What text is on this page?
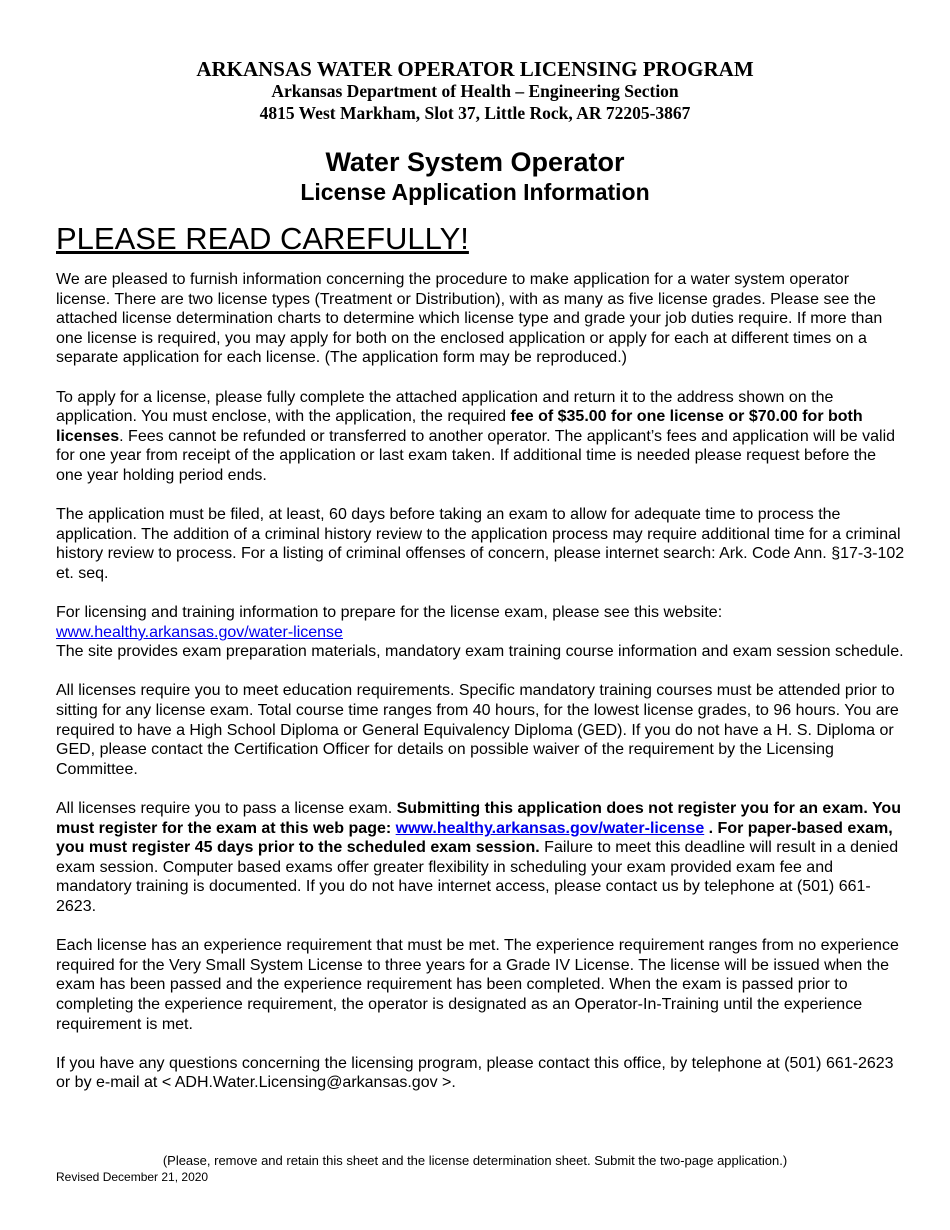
ARKANSAS WATER OPERATOR LICENSING PROGRAM
Arkansas Department of Health – Engineering Section
4815 West Markham, Slot 37, Little Rock, AR 72205-3867
Water System Operator
License Application Information
PLEASE READ CAREFULLY!

We are pleased to furnish information concerning the procedure to make application for a water system operator license. There are two license types (Treatment or Distribution), with as many as five license grades. Please see the attached license determination charts to determine which license type and grade your job duties require. If more than one license is required, you may apply for both on the enclosed application or apply for each at different times on a separate application for each license. (The application form may be reproduced.)

To apply for a license, please fully complete the attached application and return it to the address shown on the application. You must enclose, with the application, the required fee of $35.00 for one license or $70.00 for both licenses. Fees cannot be refunded or transferred to another operator. The applicant’s fees and application will be valid for one year from receipt of the application or last exam taken. If additional time is needed please request before the one year holding period ends.

The application must be filed, at least, 60 days before taking an exam to allow for adequate time to process the application. The addition of a criminal history review to the application process may require additional time for a criminal history review to process. For a listing of criminal offenses of concern, please internet search: Ark. Code Ann. §17-3-102 et. seq.

For licensing and training information to prepare for the license exam, please see this website:
www.healthy.arkansas.gov/water-license
The site provides exam preparation materials, mandatory exam training course information and exam session schedule.

All licenses require you to meet education requirements. Specific mandatory training courses must be attended prior to sitting for any license exam. Total course time ranges from 40 hours, for the lowest license grades, to 96 hours. You are required to have a High School Diploma or General Equivalency Diploma (GED). If you do not have a H. S. Diploma or GED, please contact the Certification Officer for details on possible waiver of the requirement by the Licensing Committee.

All licenses require you to pass a license exam. Submitting this application does not register you for an exam. You must register for the exam at this web page: www.healthy.arkansas.gov/water-license . For paper-based exam, you must register 45 days prior to the scheduled exam session. Failure to meet this deadline will result in a denied exam session. Computer based exams offer greater flexibility in scheduling your exam provided exam fee and mandatory training is documented. If you do not have internet access, please contact us by telephone at (501) 661-2623.

Each license has an experience requirement that must be met. The experience requirement ranges from no experience required for the Very Small System License to three years for a Grade IV License. The license will be issued when the exam has been passed and the experience requirement has been completed. When the exam is passed prior to completing the experience requirement, the operator is designated as an Operator-In-Training until the experience requirement is met.

If you have any questions concerning the licensing program, please contact this office, by telephone at (501) 661-2623 or by e-mail at < ADH.Water.Licensing@arkansas.gov >.

(Please, remove and retain this sheet and the license determination sheet. Submit the two-page application.)
Revised December 21, 2020
